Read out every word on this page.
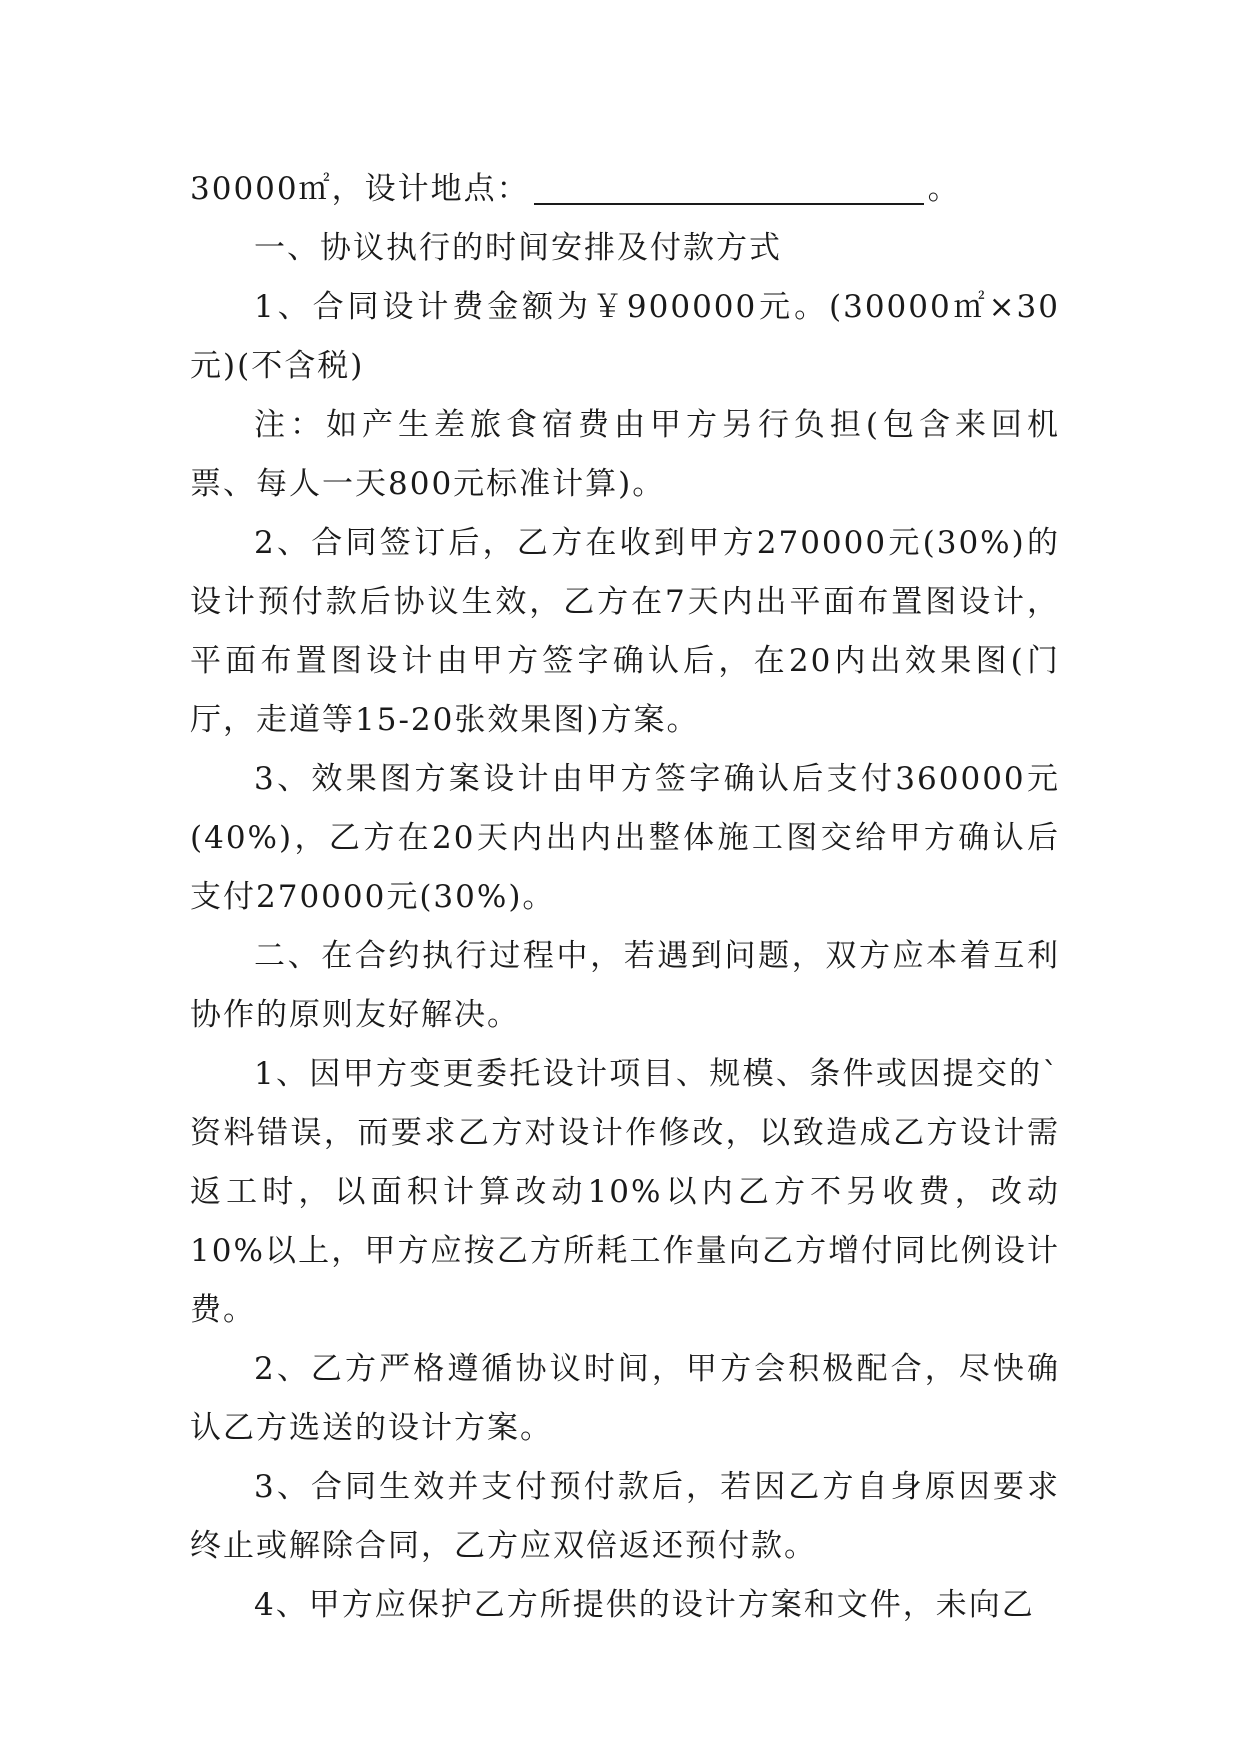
30000㎡，设计地点：	。

一、协议执行的时间安排及付款方式

1、合同设计费金额为￥900000元。(30000㎡×30元)(不含税)

注：如产生差旅食宿费由甲方另行负担(包含来回机票、每人一天800元标准计算)。

2、合同签订后，乙方在收到甲方270000元(30%)的设计预付款后协议生效，乙方在7天内出平面布置图设计，平面布置图设计由甲方签字确认后，在20内出效果图(门厅，走道等15-20张效果图)方案。

3、效果图方案设计由甲方签字确认后支付360000元(40%)，乙方在20天内出内出整体施工图交给甲方确认后支付270000元(30%)。

二、在合约执行过程中，若遇到问题，双方应本着互利协作的原则友好解决。

1、因甲方变更委托设计项目、规模、条件或因提交的`资料错误，而要求乙方对设计作修改，以致造成乙方设计需返工时，以面积计算改动10%以内乙方不另收费，改动10%以上，甲方应按乙方所耗工作量向乙方增付同比例设计费。

2、乙方严格遵循协议时间，甲方会积极配合，尽快确认乙方选送的设计方案。

3、合同生效并支付预付款后，若因乙方自身原因要求终止或解除合同，乙方应双倍返还预付款。

4、甲方应保护乙方所提供的设计方案和文件，未向乙
